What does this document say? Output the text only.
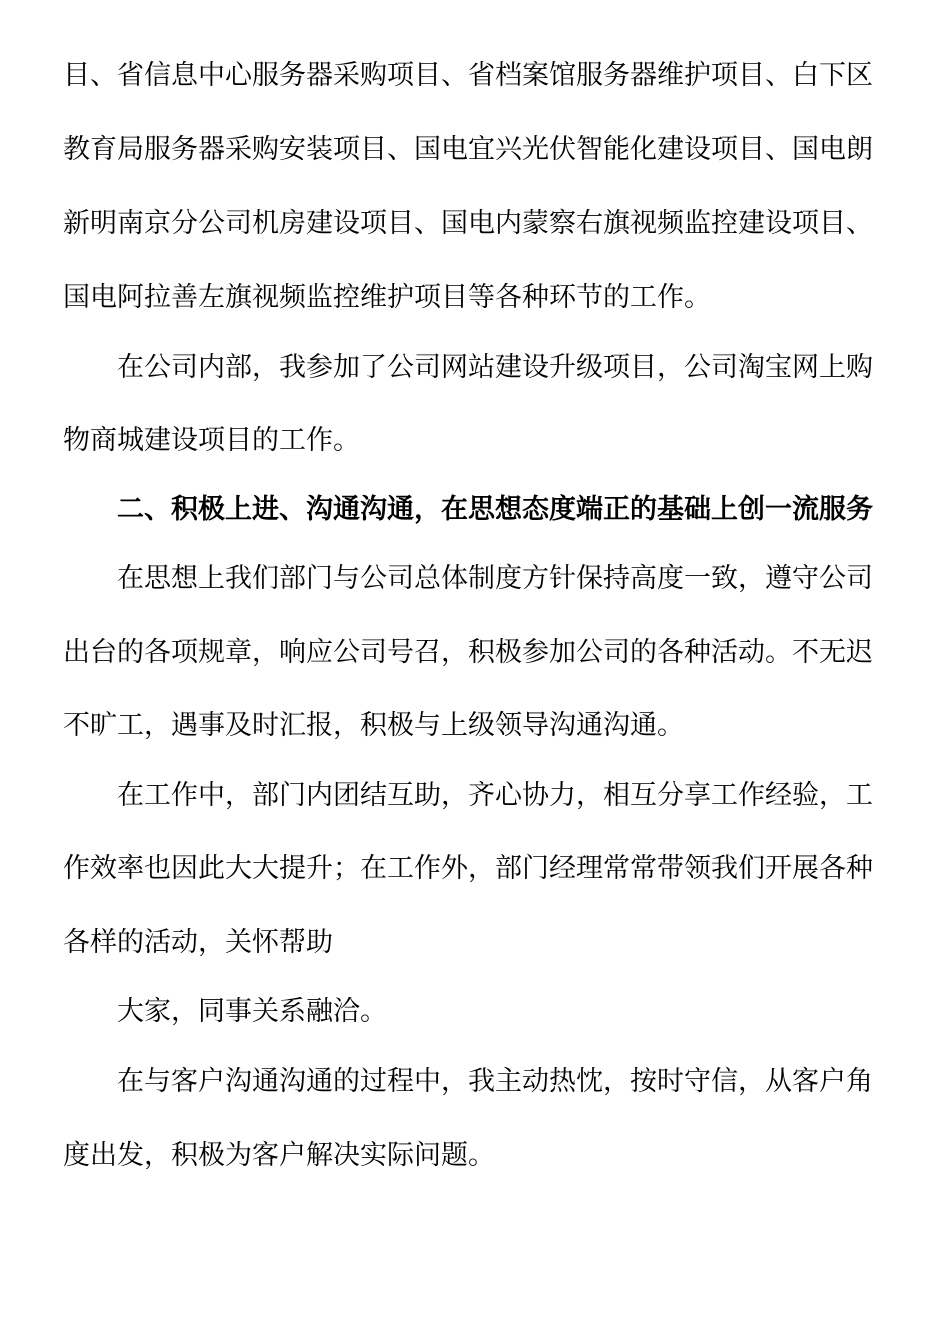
目、省信息中心服务器采购项目、省档案馆服务器维护项目、白下区
教育局服务器采购安装项目、国电宜兴光伏智能化建设项目、国电朗
新明南京分公司机房建设项目、国电内蒙察右旗视频监控建设项目、
国电阿拉善左旗视频监控维护项目等各种环节的工作。
在公司内部，我参加了公司网站建设升级项目，公司淘宝网上购
物商城建设项目的工作。
二、积极上进、沟通沟通，在思想态度端正的基础上创一流服务
在思想上我们部门与公司总体制度方针保持高度一致，遵守公司
出台的各项规章，响应公司号召，积极参加公司的各种活动。不无迟
不旷工，遇事及时汇报，积极与上级领导沟通沟通。
在工作中，部门内团结互助，齐心协力，相互分享工作经验，工
作效率也因此大大提升；在工作外，部门经理常常带领我们开展各种
各样的活动，关怀帮助
大家，同事关系融洽。
在与客户沟通沟通的过程中，我主动热忱，按时守信，从客户角
度出发，积极为客户解决实际问题。
